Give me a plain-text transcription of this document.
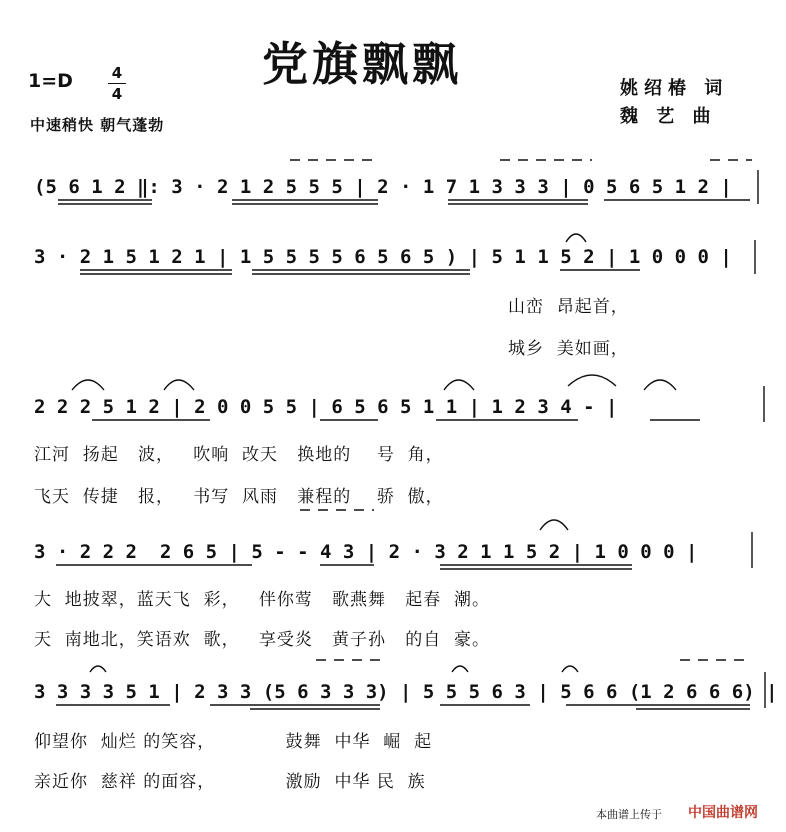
党旗飘飘
1=D	4
4
中速稍快 朝气蓬勃
姚绍椿 词
魏 艺 曲
(5 6 1 2 ‖: 3 · 2 1 2 5 5 5 | 2 · 1 7 1 3 3 3 | 0 5 6 5 1 2 |
3 · 2 1 5 1 2 1 | 1 5 5 5 5 6 5 6 5 ) | 5 1 1 5 2 | 1 0 0 0 |
山峦  昂起首，
城乡  美如画，
2 2 2 5 1 2 | 2 0 0 5 5 | 6 5 6 5 1 1 | 1 2 3 4 - |
江河  扬起   波，   吹响  改天   换地的    号  角，
飞天  传捷   报，   书写  风雨   兼程的    骄  傲，
3 · 2 2 2  2 6 5 | 5 - - 4 3 | 2 · 3 2 1 1 5 2 | 1 0 0 0 |
大  地披翠，蓝天飞  彩，   伴你莺   歌燕舞   起春  潮。
天  南地北，笑语欢  歌，   享受炎   黄子孙   的自  豪。
3 3 3 3 5 1 | 2 3 3 (5 6 3 3 3) | 5 5 5 6 3 | 5 6 6 (1 2 6 6 6) |
仰望你  灿烂 的笑容，           鼓舞  中华  崛  起
亲近你  慈祥 的面容，           激励  中华 民  族
本曲谱上传于 中国曲谱网
